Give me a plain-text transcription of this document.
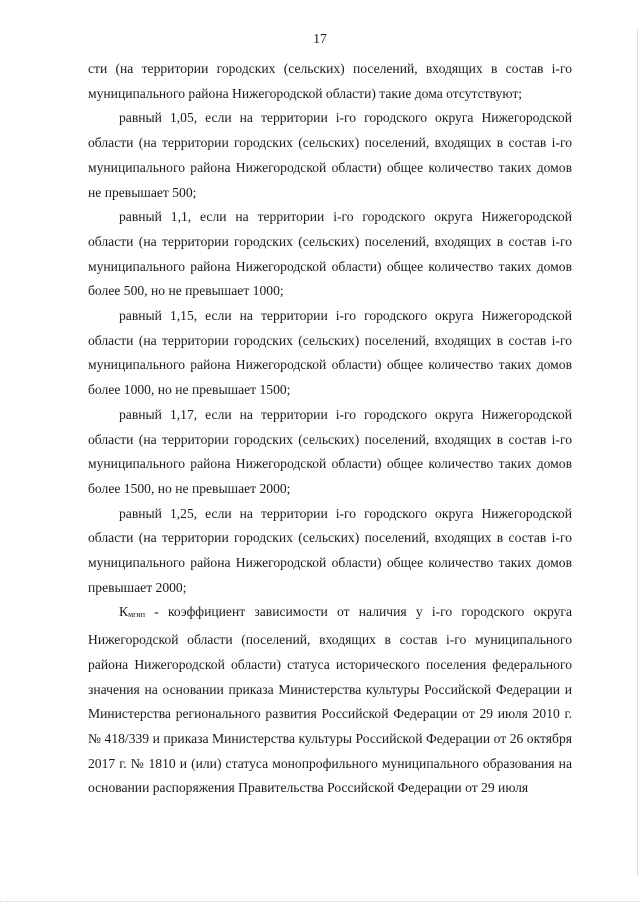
17

сти (на территории городских (сельских) поселений, входящих в состав i-го муниципального района Нижегородской области) такие дома отсутствуют;

равный 1,05, если на территории i-го городского округа Нижегородской области (на территории городских (сельских) поселений, входящих в состав i-го муниципального района Нижегородской области) общее количество таких домов не превышает 500;

равный 1,1, если на территории i-го городского округа Нижегородской области (на территории городских (сельских) поселений, входящих в состав i-го муниципального района Нижегородской области) общее количество таких домов более 500, но не превышает 1000;

равный 1,15, если на территории i-го городского округа Нижегородской области (на территории городских (сельских) поселений, входящих в состав i-го муниципального района Нижегородской области) общее количество таких домов более 1000, но не превышает 1500;

равный 1,17, если на территории i-го городского округа Нижегородской области (на территории городских (сельских) поселений, входящих в состав i-го муниципального района Нижегородской области) общее количество таких домов более 1500, но не превышает 2000;

равный 1,25, если на территории i-го городского округа Нижегородской области (на территории городских (сельских) поселений, входящих в состав i-го муниципального района Нижегородской области) общее количество таких домов превышает 2000;

Кмгип - коэффициент зависимости от наличия у i-го городского округа Нижегородской области (поселений, входящих в состав i-го муниципального района Нижегородской области) статуса исторического поселения федерального значения на основании приказа Министерства культуры Российской Федерации и Министерства регионального развития Российской Федерации от 29 июля 2010 г. № 418/339 и приказа Министерства культуры Российской Федерации от 26 октября 2017 г. № 1810 и (или) статуса монопрофильного муниципального образования на основании распоряжения Правительства Российской Федерации от 29 июля
